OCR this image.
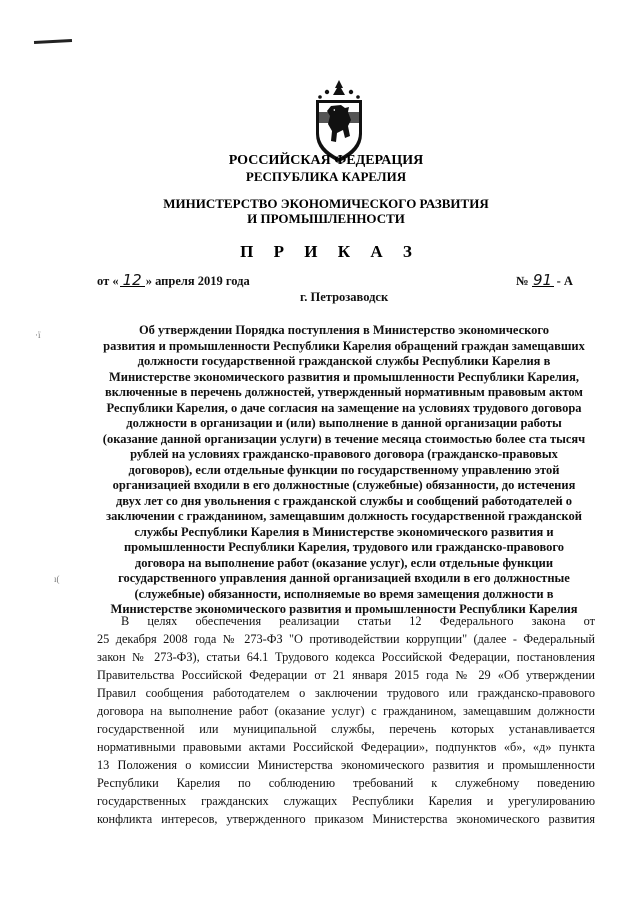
·ï
ı(
РОССИЙСКАЯ ФЕДЕРАЦИЯ
РЕСПУБЛИКА КАРЕЛИЯ
МИНИСТЕРСТВО ЭКОНОМИЧЕСКОГО РАЗВИТИЯ
И ПРОМЫШЛЕННОСТИ
П Р И К А З
от « 12 » апреля 2019 года	№ 91 - А
г. Петрозаводск
Об утверждении Порядка поступления в Министерство экономического
развития и промышленности Республики Карелия обращений граждан замещавших
должности государственной гражданской службы Республики Карелия в
Министерстве экономического развития и промышленности Республики Карелия,
включенные в перечень должностей, утвержденный нормативным правовым актом
Республики Карелия, о даче согласия на замещение на условиях трудового договора
должности в организации и (или) выполнение в данной организации работы
(оказание данной организации услуги) в течение месяца стоимостью более ста тысяч
рублей на условиях гражданско-правового договора (гражданско-правовых
договоров), если отдельные функции по государственному управлению этой
организацией входили в его должностные (служебные) обязанности, до истечения
двух лет со дня увольнения с гражданской службы и сообщений работодателей о
заключении с гражданином, замещавшим должность государственной гражданской
службы Республики Карелия в Министерстве экономического развития и
промышленности Республики Карелия, трудового или гражданско-правового
договора на выполнение работ (оказание услуг), если отдельные функции
государственного управления данной организацией входили в его должностные
(служебные) обязанности, исполняемые во время замещения должности в
Министерстве экономического развития и промышленности Республики Карелия
В целях обеспечения реализации статьи 12 Федерального закона от
25 декабря 2008 года № 273-ФЗ "О противодействии коррупции" (далее - Федеральный
закон № 273-ФЗ), статьи 64.1 Трудового кодекса Российской Федерации, постановления
Правительства Российской Федерации от 21 января 2015 года № 29 «Об утверждении
Правил сообщения работодателем о заключении трудового или гражданско-правового
договора на выполнение работ (оказание услуг) с гражданином, замещавшим должности
государственной или муниципальной службы, перечень которых устанавливается
нормативными правовыми актами Российской Федерации», подпунктов «б», «д» пункта
13 Положения о комиссии Министерства экономического развития и промышленности
Республики Карелия по соблюдению требований к служебному поведению
государственных гражданских служащих Республики Карелия и урегулированию
конфликта интересов, утвержденного приказом Министерства экономического развития
